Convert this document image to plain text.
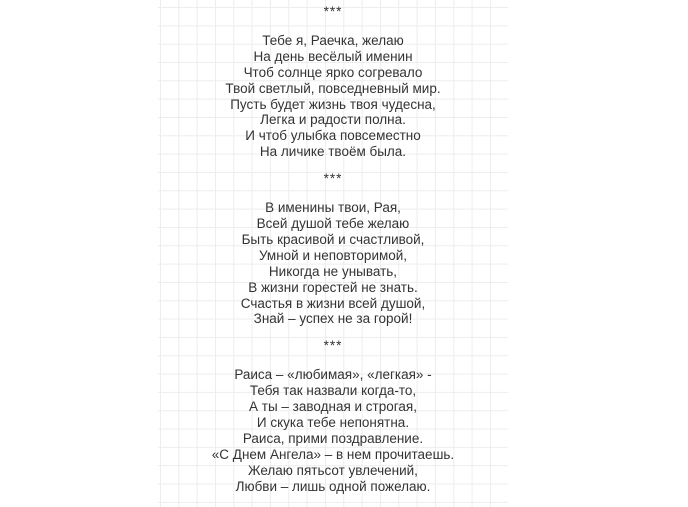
***

Тебе я, Раечка, желаю
На день весёлый именин
Чтоб солнце ярко согревало
Твой светлый, повседневный мир.
Пусть будет жизнь твоя чудесна,
Легка и радости полна.
И чтоб улыбка повсеместно
На личике твоём была.

***

В именины твои, Рая,
Всей душой тебе желаю
Быть красивой и счастливой,
Умной и неповторимой,
Никогда не унывать,
В жизни горестей не знать.
Счастья в жизни всей душой,
Знай – успех не за горой!

***

Раиса – «любимая», «легкая» -
Тебя так назвали когда-то,
А ты – заводная и строгая,
И скука тебе непонятна.
Раиса, прими поздравление.
«С Днем Ангела» – в нем прочитаешь.
Желаю пятьсот увлечений,
Любви – лишь одной пожелаю.
